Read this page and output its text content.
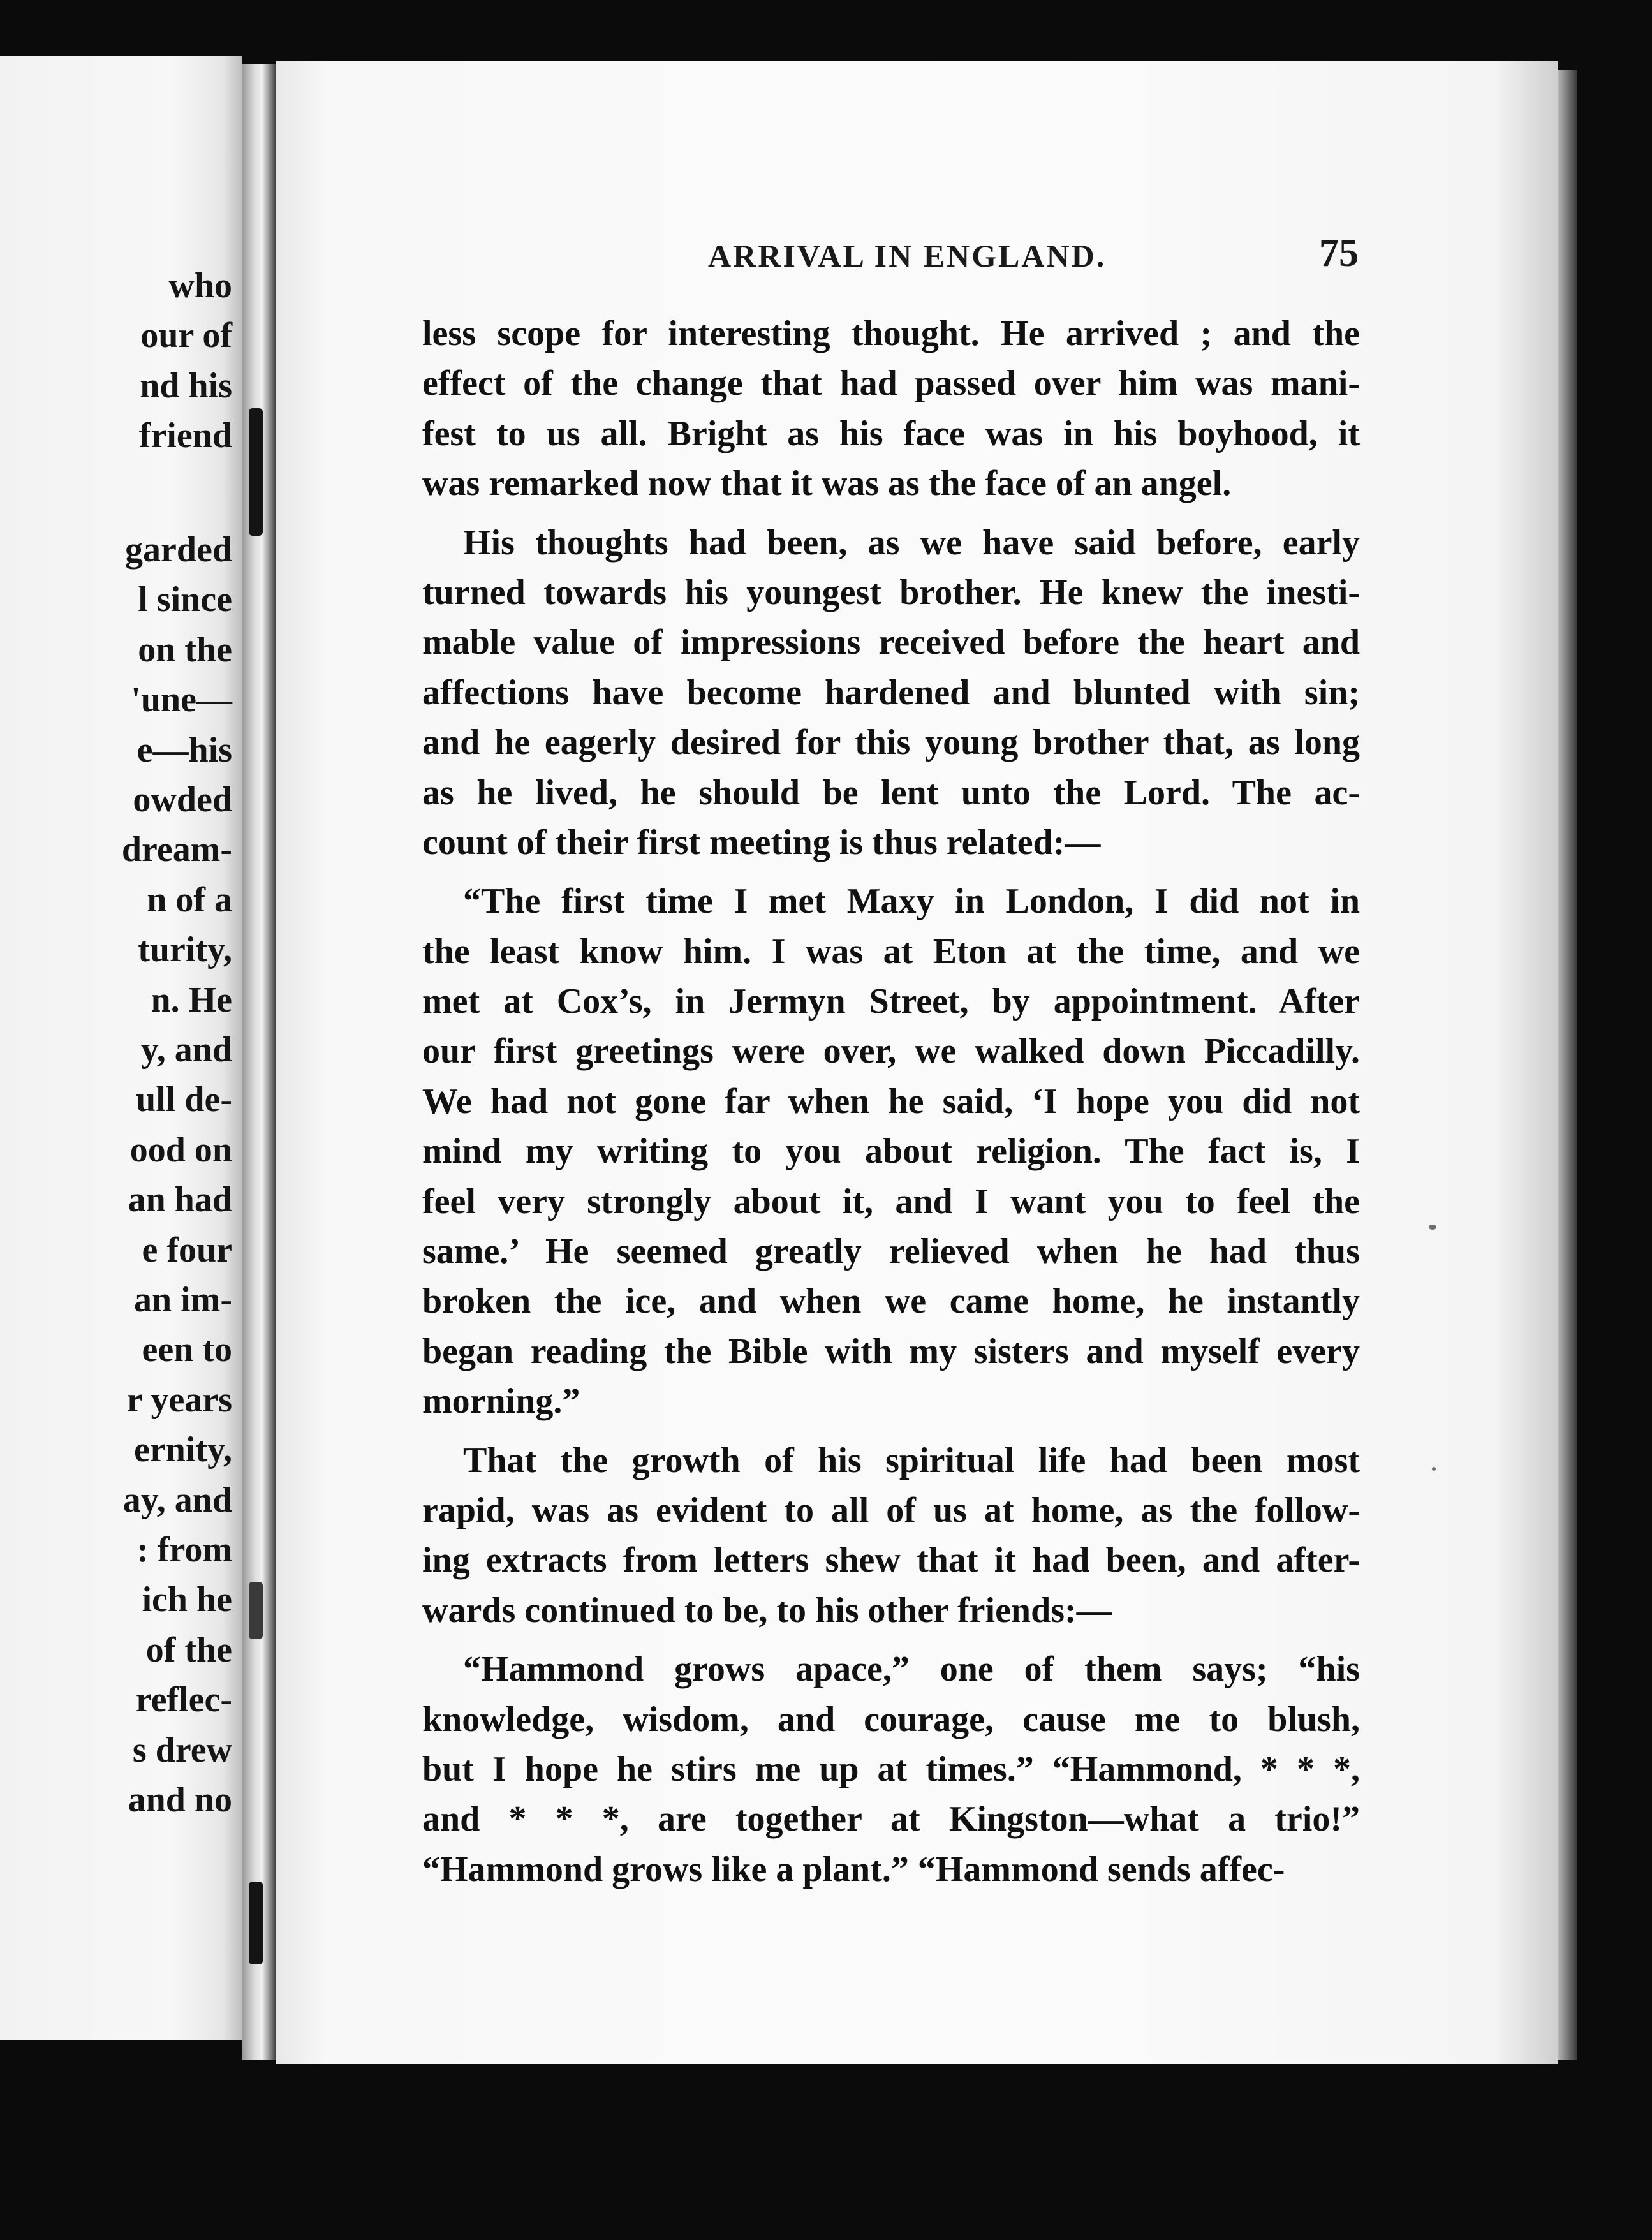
who
our of
nd his
friend
garded
l since
on the
'une—
e—his
owded
dream-
n of a
turity,
n. He
y, and
ull de-
ood on
an had
e four
an im-
een to
r years
ernity,
ay, and
: from
ich he
of the
reflec-
s drew
and no
ARRIVAL IN ENGLAND.	75
less scope for interesting thought. He arrived ; and the
effect of the change that had passed over him was mani-
fest to us all. Bright as his face was in his boyhood, it
was remarked now that it was as the face of an angel.
His thoughts had been, as we have said before, early
turned towards his youngest brother. He knew the inesti-
mable value of impressions received before the heart and
affections have become hardened and blunted with sin;
and he eagerly desired for this young brother that, as long
as he lived, he should be lent unto the Lord. The ac-
count of their first meeting is thus related:—
“The first time I met Maxy in London, I did not in
the least know him. I was at Eton at the time, and we
met at Cox’s, in Jermyn Street, by appointment. After
our first greetings were over, we walked down Piccadilly.
We had not gone far when he said, ‘I hope you did not
mind my writing to you about religion. The fact is, I
feel very strongly about it, and I want you to feel the
same.’ He seemed greatly relieved when he had thus
broken the ice, and when we came home, he instantly
began reading the Bible with my sisters and myself every
morning.”
That the growth of his spiritual life had been most
rapid, was as evident to all of us at home, as the follow-
ing extracts from letters shew that it had been, and after-
wards continued to be, to his other friends:—
“Hammond grows apace,” one of them says; “his
knowledge, wisdom, and courage, cause me to blush,
but I hope he stirs me up at times.” “Hammond, * * *,
and * * *, are together at Kingston—what a trio!”
“Hammond grows like a plant.” “Hammond sends affec-
